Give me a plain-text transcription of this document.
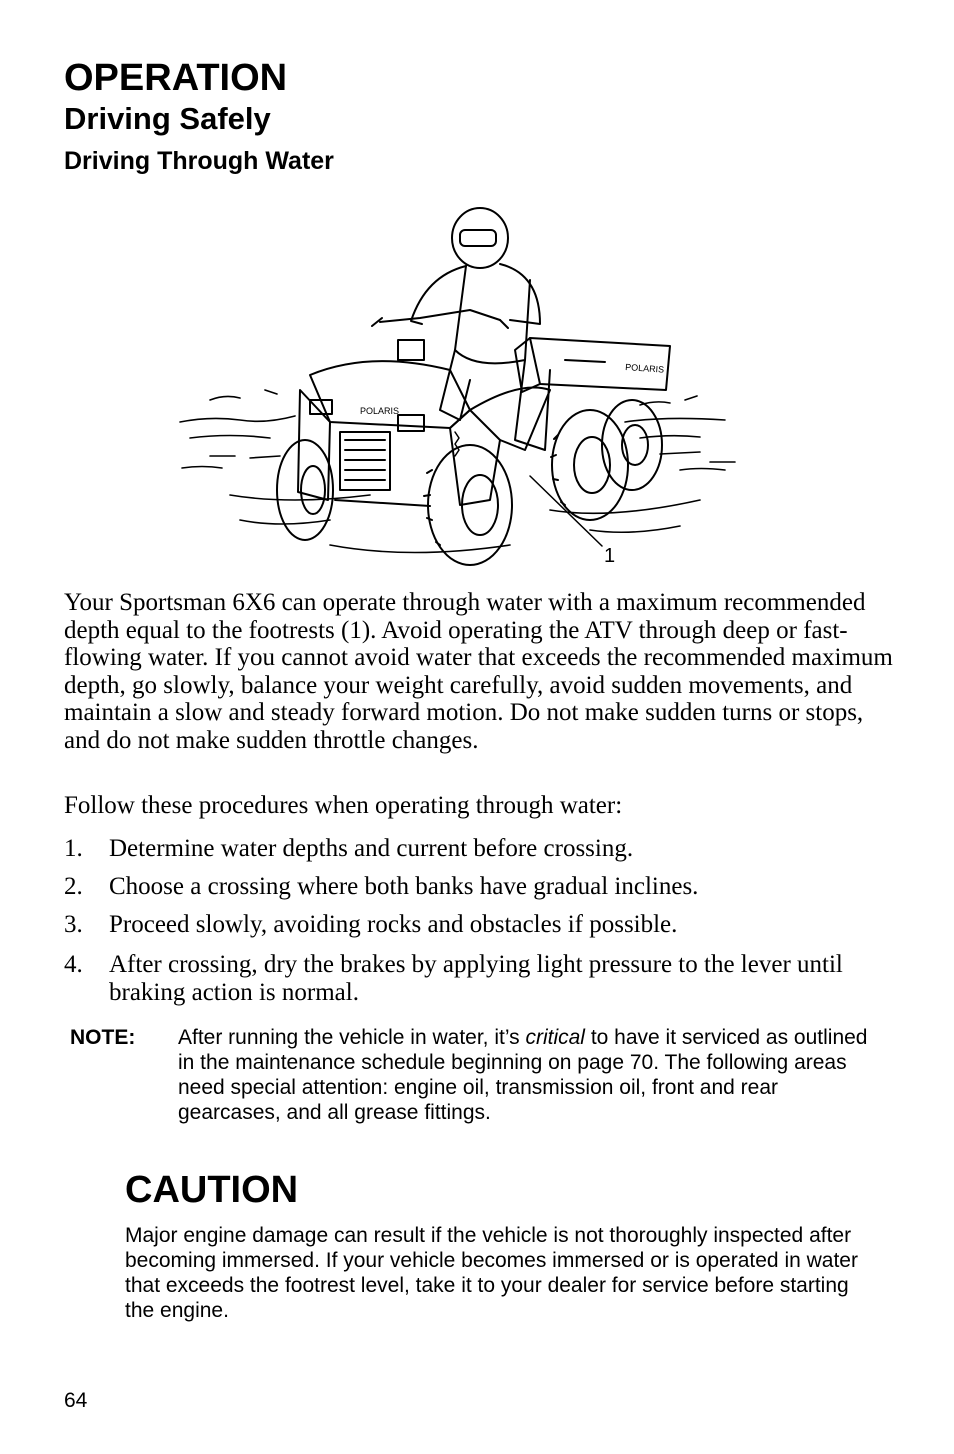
OPERATION
Driving Safely
Driving Through Water
POLARIS
POLARIS
1

Your Sportsman 6X6 can operate through water with a maximum recommended depth equal to the footrests (1). Avoid operating the ATV through deep or fast-flowing water. If you cannot avoid water that exceeds the recommended maximum depth, go slowly, balance your weight carefully, avoid sudden movements, and maintain a slow and steady forward motion. Do not make sudden turns or stops, and do not make sudden throttle changes.

Follow these procedures when operating through water:

1. Determine water depths and current before crossing.
2. Choose a crossing where both banks have gradual inclines.
3. Proceed slowly, avoiding rocks and obstacles if possible.
4. After crossing, dry the brakes by applying light pressure to the lever until braking action is normal.
NOTE: After running the vehicle in water, it’s critical to have it serviced as outlined in the maintenance schedule beginning on page 70. The following areas need special attention: engine oil, transmission oil, front and rear gearcases, and all grease fittings.

CAUTION

Major engine damage can result if the vehicle is not thoroughly inspected after becoming immersed. If your vehicle becomes immersed or is operated in water that exceeds the footrest level, take it to your dealer for service before starting the engine.

64
